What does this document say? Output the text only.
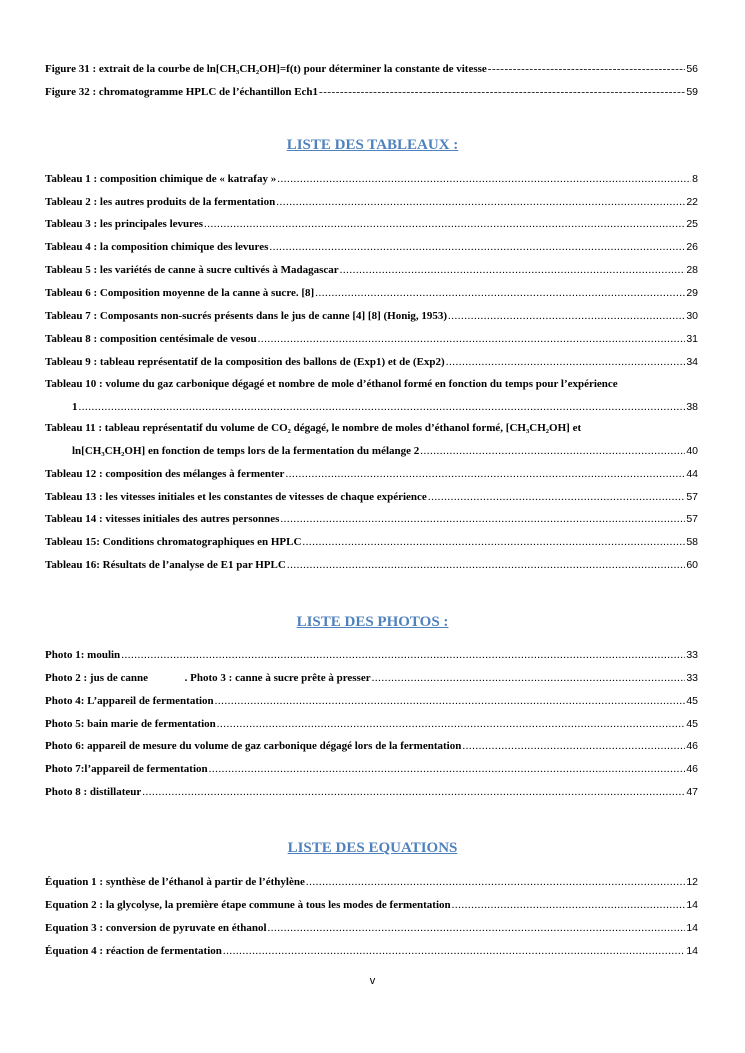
Figure 31 : extrait de la courbe de ln[CH₃CH₂OH]=f(t) pour déterminer la constante de vitesse -----	56
Figure 32 : chromatogramme HPLC de l’échantillon Ech1 -----	59
LISTE DES TABLEAUX :
Tableau 1 : composition chimique de « katrafay » .....	8
Tableau 2 : les autres produits de la fermentation .....	22
Tableau 3 : les principales levures .....	25
Tableau 4 : la composition chimique des levures .....	26
Tableau 5 : les variétés de canne à sucre cultivés à Madagascar .....	28
Tableau 6 : Composition moyenne de la canne à sucre. [8] .....	29
Tableau 7 : Composants non-sucrés présents dans le jus de canne [4] [8] (Honig, 1953) .....	30
Tableau 8 : composition centésimale de vesou .....	31
Tableau 9 : tableau représentatif de la composition des ballons de (Exp1) et de (Exp2) .....	34
Tableau 10 : volume du gaz carbonique dégagé et nombre de mole d’éthanol formé en fonction du temps pour l’expérience
1 .....	38
Tableau 11 : tableau représentatif du volume de CO₂ dégagé, le nombre de moles d’éthanol formé, [CH₃CH₂OH] et
ln[CH₃CH₂OH] en fonction de temps lors de la fermentation du mélange 2 .....	40
Tableau 12 : composition des mélanges à fermenter .....	44
Tableau 13 : les vitesses initiales et les constantes de vitesses de chaque expérience .....	57
Tableau 14 : vitesses initiales des autres personnes .....	57
Tableau 15: Conditions chromatographiques en HPLC .....	58
Tableau 16: Résultats de l’analyse de E1 par HPLC .....	60
LISTE DES PHOTOS :
Photo 1: moulin .....	33
Photo 2 : jus de canne	. Photo 3 : canne à sucre prête à presser .....	33
Photo 4: L’appareil de fermentation .....	45
Photo 5: bain marie de fermentation .....	45
Photo 6: appareil de mesure du volume de gaz carbonique dégagé lors de la fermentation .....	46
Photo 7:l’appareil de fermentation .....	46
Photo 8 : distillateur .....	47
LISTE DES EQUATIONS
Équation 1 : synthèse de l’éthanol à partir de l’éthylène .....	12
Equation 2 : la glycolyse, la première étape commune à tous les modes de fermentation .....	14
Equation 3 : conversion de pyruvate en éthanol .....	14
Équation 4 : réaction de fermentation .....	14
v
